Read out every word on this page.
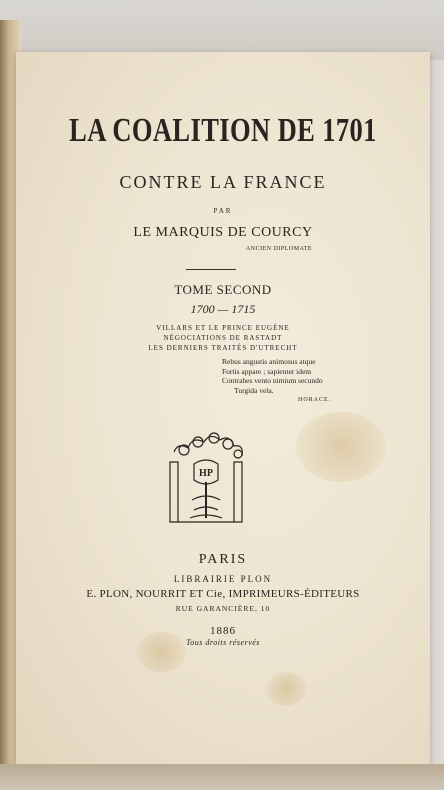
LA COALITION DE 1701
CONTRE LA FRANCE
PAR
LE MARQUIS DE COURCY
ANCIEN DIPLOMATE
TOME SECOND
1700 — 1715
VILLARS ET LE PRINCE EUGÈNE
NÉGOCIATIONS DE RASTADT
LES DERNIERS TRAITÉS D'UTRECHT
Rebus angustis animosus atque
Fortis appare ; sapienter idem
Contrahes vento nimium secundo
Turgida vela.
HORACE.
HP
PARIS
LIBRAIRIE PLON
E. PLON, NOURRIT ET Cie, IMPRIMEURS-ÉDITEURS
RUE GARANCIÈRE, 10
1886
Tous droits réservés
